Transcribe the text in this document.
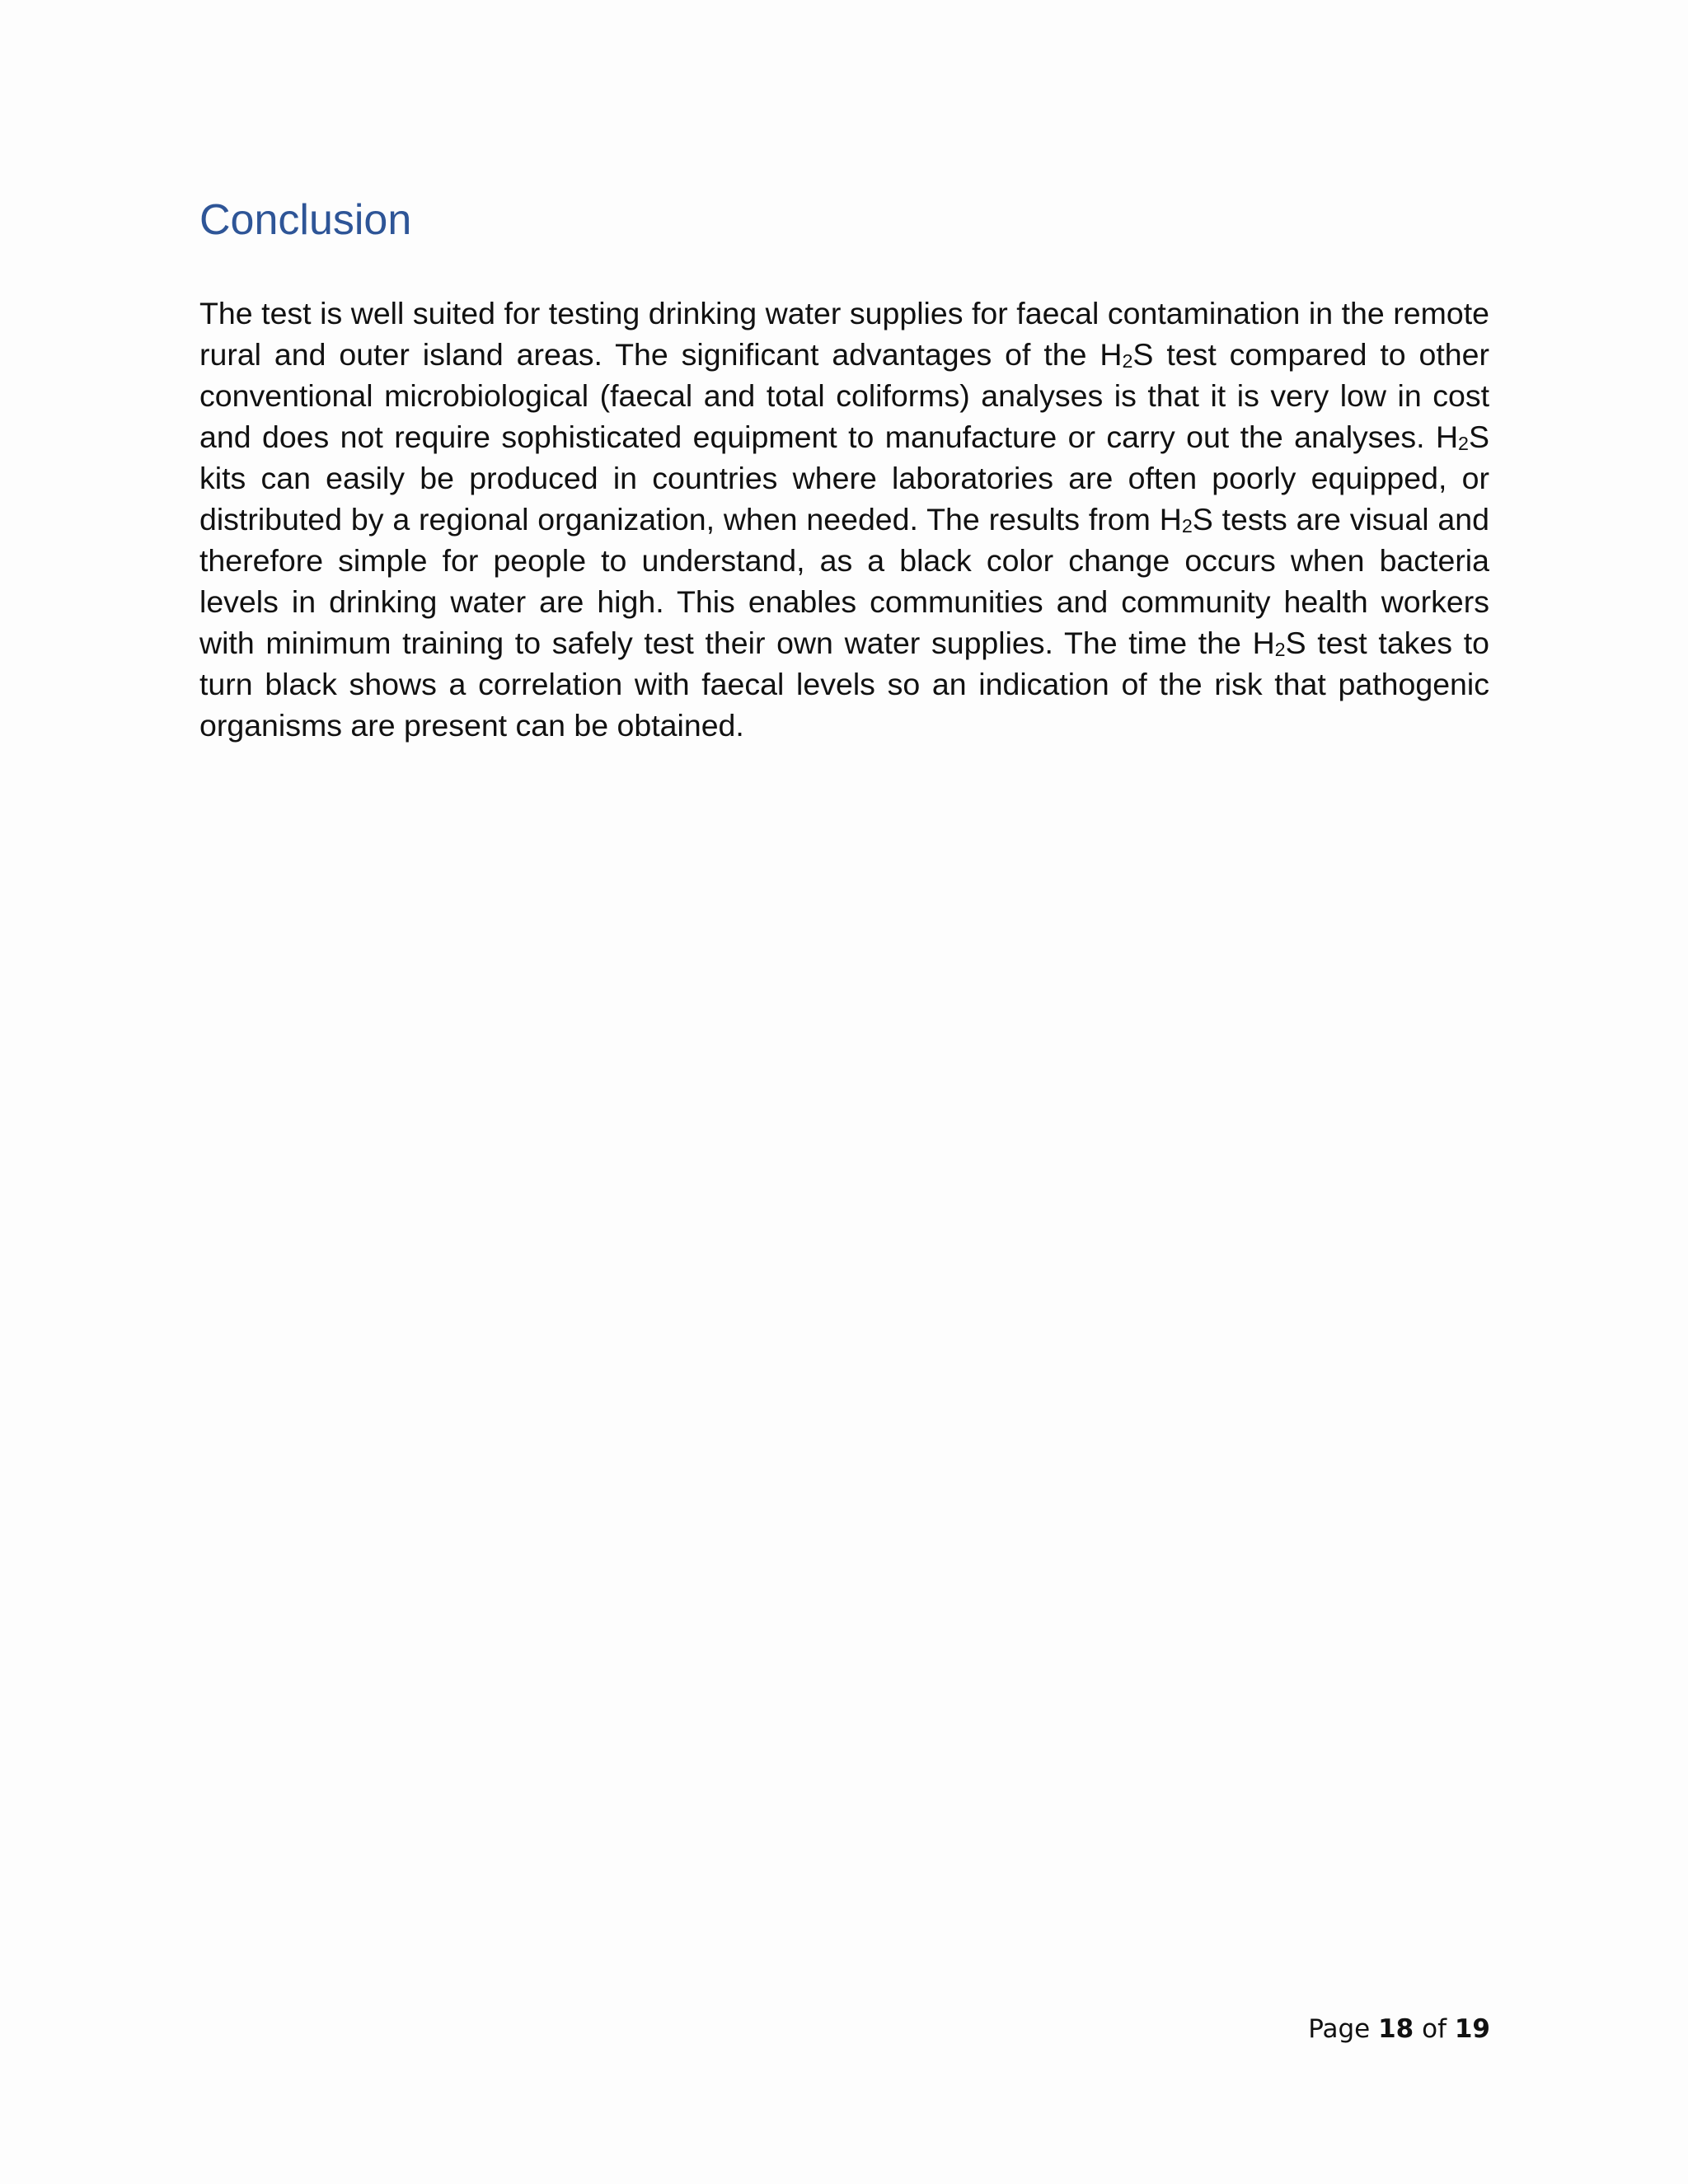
Conclusion

The test is well suited for testing drinking water supplies for faecal contamination in the remote rural and outer island areas. The significant advantages of the $H_2S$ test compared to other conventional microbiological (faecal and total coliforms) analyses is that it is very low in cost and does not require sophisticated equipment to manufacture or carry out the analyses. $H_2S$ kits can easily be produced in countries where laboratories are often poorly equipped, or distributed by a regional organization, when needed. The results from $H_2S$ tests are visual and therefore simple for people to understand, as a black color change occurs when bacteria levels in drinking water are high. This enables communities and community health workers with minimum training to safely test their own water supplies. The time the $H_2S$ test takes to turn black shows a correlation with faecal levels so an indication of the risk that pathogenic organisms are present can be obtained.

Page 18 of 19
